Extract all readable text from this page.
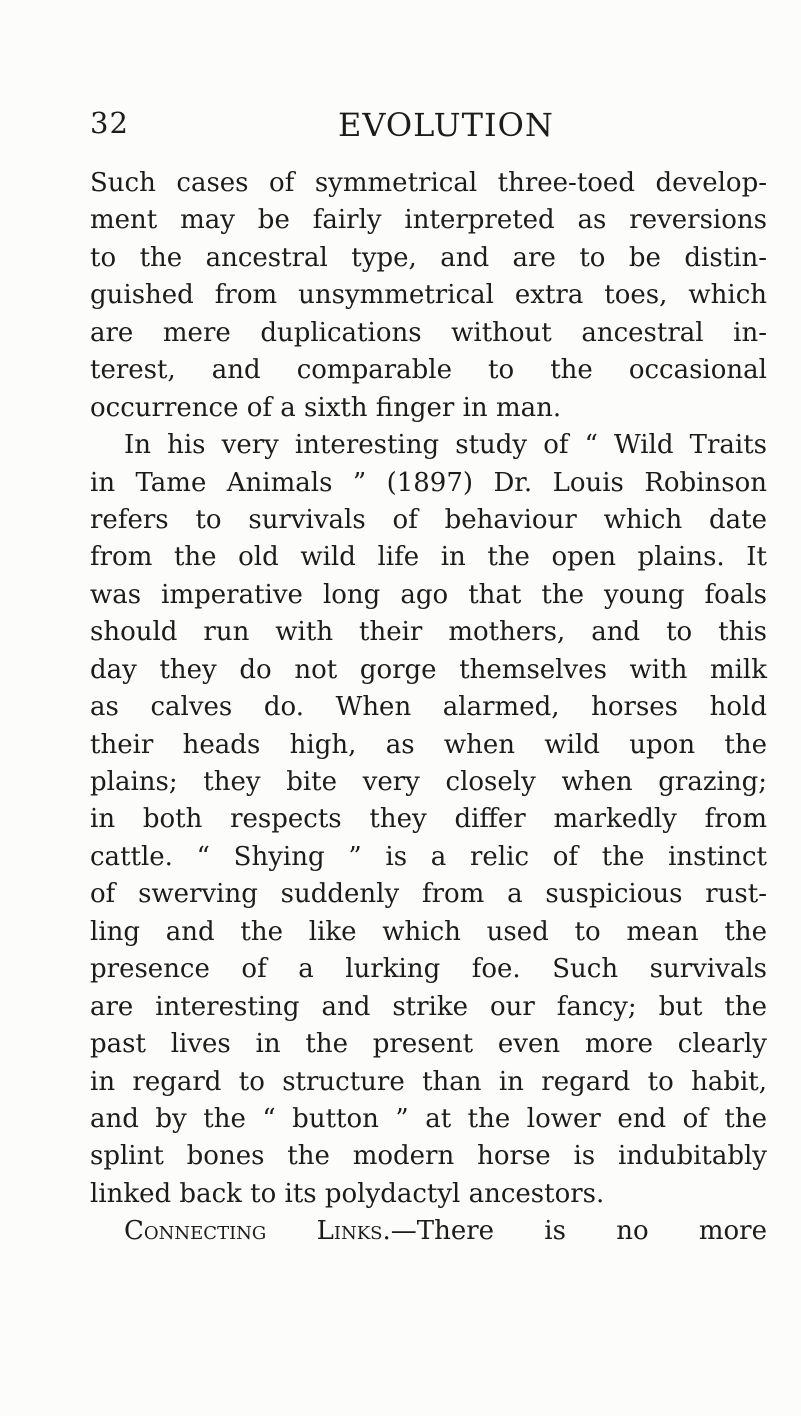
32	EVOLUTION
Such cases of symmetrical three-toed develop-
ment may be fairly interpreted as reversions
to the ancestral type, and are to be distin-
guished from unsymmetrical extra toes, which
are mere duplications without ancestral in-
terest, and comparable to the occasional
occurrence of a sixth finger in man.
In his very interesting study of “ Wild Traits
in Tame Animals ” (1897) Dr. Louis Robinson
refers to survivals of behaviour which date
from the old wild life in the open plains. It
was imperative long ago that the young foals
should run with their mothers, and to this
day they do not gorge themselves with milk
as calves do. When alarmed, horses hold
their heads high, as when wild upon the
plains; they bite very closely when grazing;
in both respects they differ markedly from
cattle. “ Shying ” is a relic of the instinct
of swerving suddenly from a suspicious rust-
ling and the like which used to mean the
presence of a lurking foe. Such survivals
are interesting and strike our fancy; but the
past lives in the present even more clearly
in regard to structure than in regard to habit,
and by the “ button ” at the lower end of the
splint bones the modern horse is indubitably
linked back to its polydactyl ancestors.
Connecting Links.—There is no more
